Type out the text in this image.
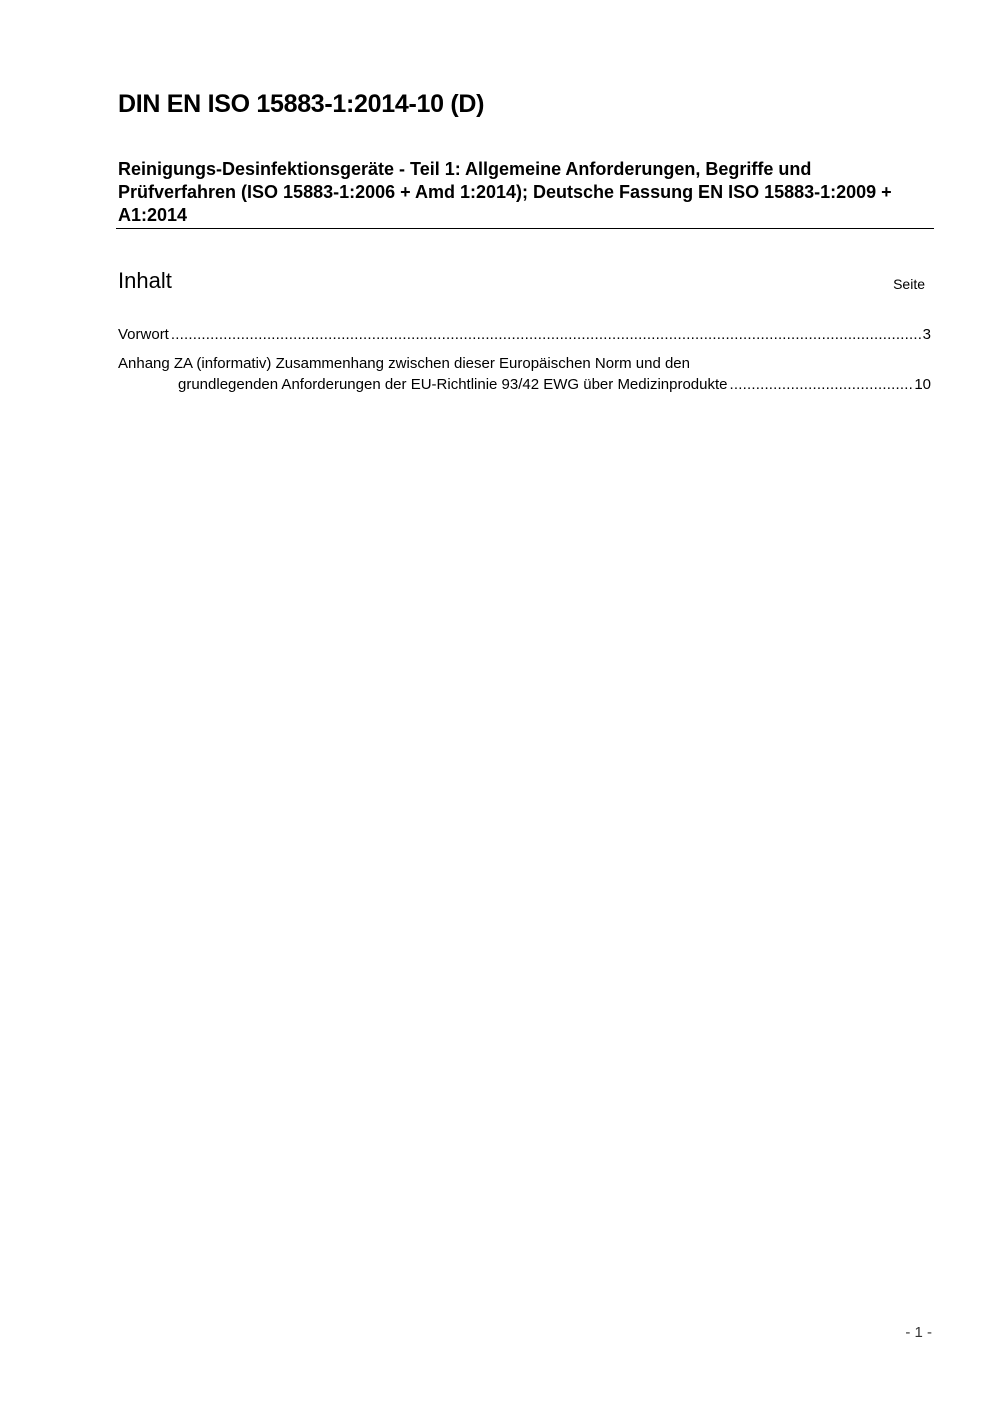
DIN EN ISO 15883-1:2014-10 (D)
Reinigungs-Desinfektionsgeräte - Teil 1: Allgemeine Anforderungen, Begriffe und Prüfverfahren (ISO 15883-1:2006 + Amd 1:2014); Deutsche Fassung EN ISO 15883-1:2009 + A1:2014
Inhalt	Seite
Vorwort .....	3
Anhang ZA (informativ) Zusammenhang zwischen dieser Europäischen Norm und den
grundlegenden Anforderungen der EU-Richtlinie 93/42 EWG über Medizinprodukte .....	10
- 1 -
